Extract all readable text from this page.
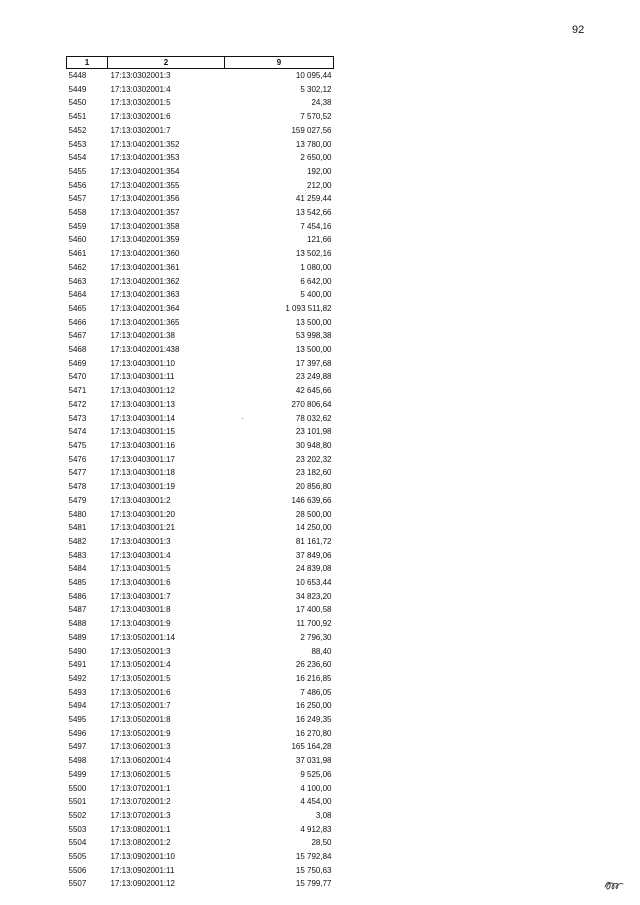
92
1	2	9
5448	17:13:0302001:3	10 095,44
5449	17:13:0302001:4	5 302,12
5450	17:13:0302001:5	24,38
5451	17:13:0302001:6	7 570,52
5452	17:13:0302001:7	159 027,56
5453	17:13:0402001:352	13 780,00
5454	17:13:0402001:353	2 650,00
5455	17:13:0402001:354	192,00
5456	17:13:0402001:355	212,00
5457	17:13:0402001:356	41 259,44
5458	17:13:0402001:357	13 542,66
5459	17:13:0402001:358	7 454,16
5460	17:13:0402001:359	121,66
5461	17:13:0402001:360	13 502,16
5462	17:13:0402001:361	1 080,00
5463	17:13:0402001:362	6 642,00
5464	17:13:0402001:363	5 400,00
5465	17:13:0402001:364	1 093 511,82
5466	17:13:0402001:365	13 500,00
5467	17:13:0402001:38	53 998,38
5468	17:13:0402001:438	13 500,00
5469	17:13:0403001:10	17 397,68
5470	17:13:0403001:11	23 249,88
5471	17:13:0403001:12	42 645,66
5472	17:13:0403001:13	270 806,64
5473	17:13:0403001:14	78 032,62
5474	17:13:0403001:15	23 101,98
5475	17:13:0403001:16	30 948,80
5476	17:13:0403001:17	23 202,32
5477	17:13:0403001:18	23 182,60
5478	17:13:0403001:19	20 856,80
5479	17:13:0403001:2	146 639,66
5480	17:13:0403001:20	28 500,00
5481	17:13:0403001:21	14 250,00
5482	17:13:0403001:3	81 161,72
5483	17:13:0403001:4	37 849,06
5484	17:13:0403001:5	24 839,08
5485	17:13:0403001:6	10 653,44
5486	17:13:0403001:7	34 823,20
5487	17:13:0403001:8	17 400,58
5488	17:13:0403001:9	11 700,92
5489	17:13:0502001:14	2 796,30
5490	17:13:0502001:3	88,40
5491	17:13:0502001:4	26 236,60
5492	17:13:0502001:5	16 216,85
5493	17:13:0502001:6	7 486,05
5494	17:13:0502001:7	16 250,00
5495	17:13:0502001:8	16 249,35
5496	17:13:0502001:9	16 270,80
5497	17:13:0602001:3	165 164,28
5498	17:13:0602001:4	37 031,98
5499	17:13:0602001:5	9 525,06
5500	17:13:0702001:1	4 100,00
5501	17:13:0702001:2	4 454,00
5502	17:13:0702001:3	3,08
5503	17:13:0802001:1	4 912,83
5504	17:13:0802001:2	28,50
5505	17:13:0902001:10	15 792,84
5506	17:13:0902001:11	15 750,63
5507	17:13:0902001:12	15 799,77
